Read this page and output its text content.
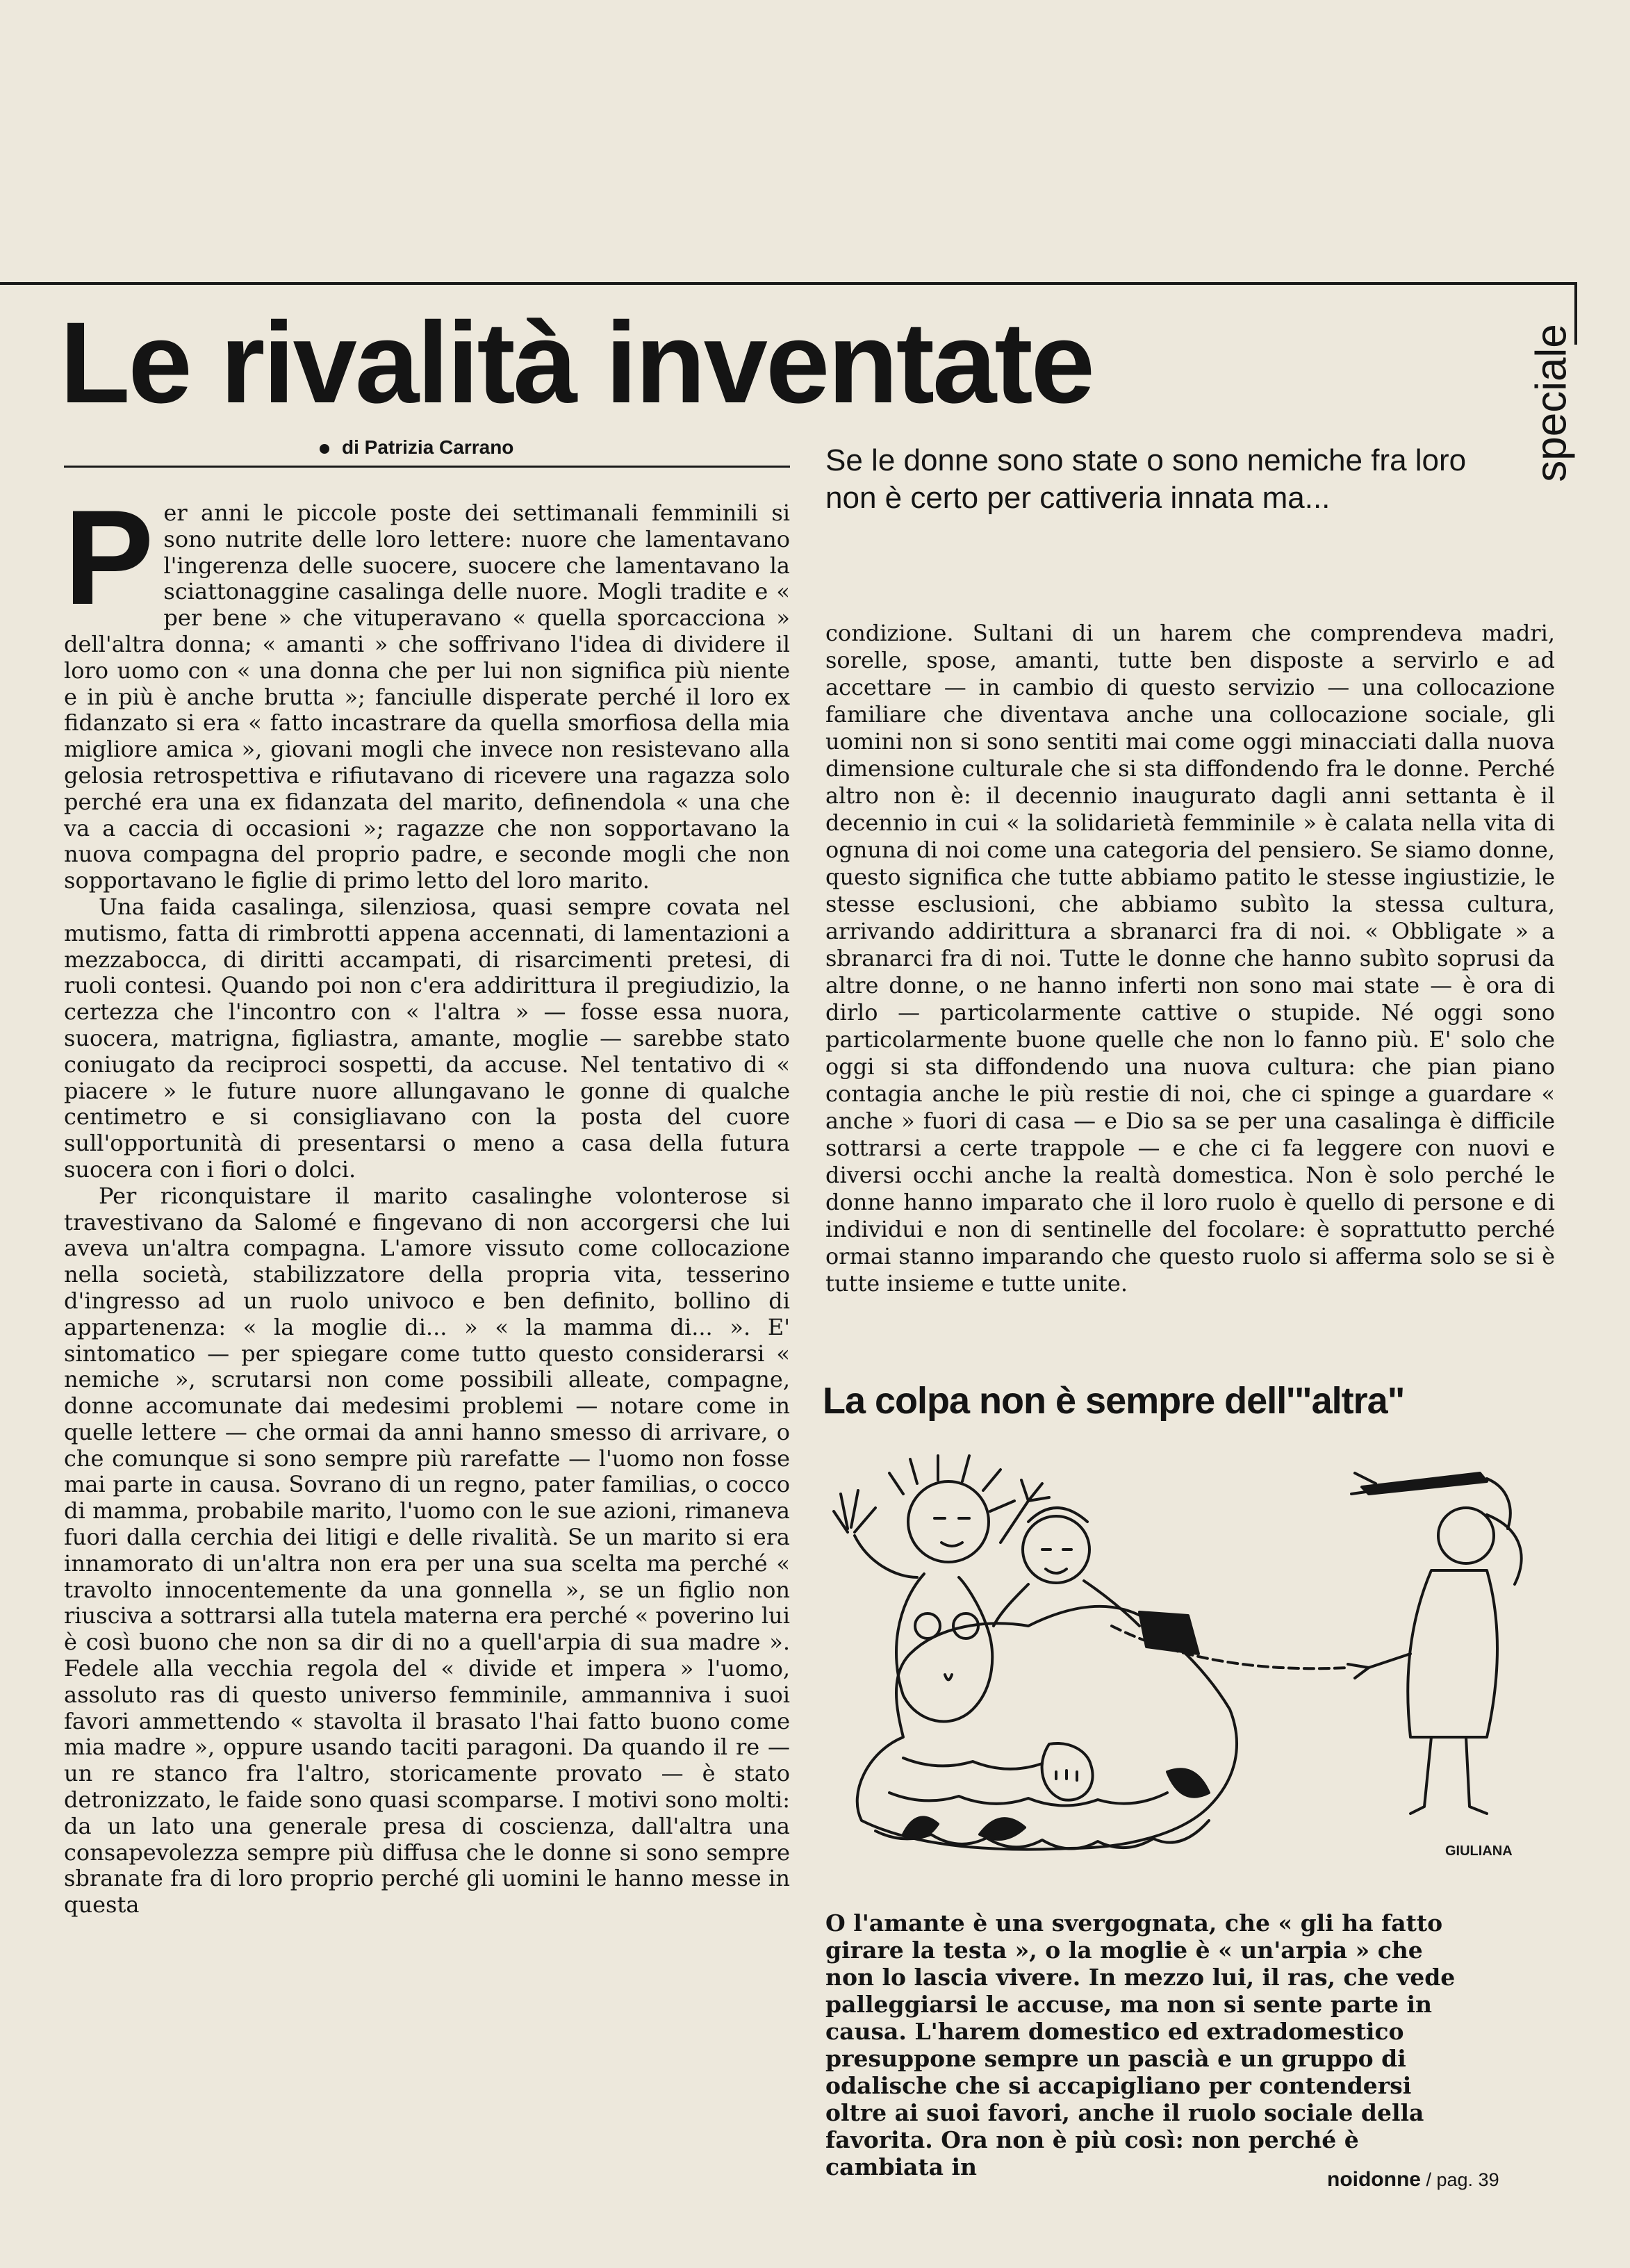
Le rivalità inventate	speciale
di Patrizia Carrano	Se le donne sono state o sono nemiche fra loro non è certo per cattiveria innata ma...

Per anni le piccole poste dei settimanali femminili si sono nutrite delle loro lettere: nuore che lamentavano l'ingerenza delle suocere, suocere che lamentavano la sciattonaggine casalinga delle nuore. Mogli tradite e « per bene » che vituperavano « quella sporcacciona » dell'altra donna; « amanti » che soffrivano l'idea di dividere il loro uomo con « una donna che per lui non significa più niente e in più è anche brutta »; fanciulle disperate perché il loro ex fidanzato si era « fatto incastrare da quella smorfiosa della mia migliore amica », giovani mogli che invece non resistevano alla gelosia retrospettiva e rifiutavano di ricevere una ragazza solo perché era una ex fidanzata del marito, definendola « una che va a caccia di occasioni »; ragazze che non sopportavano la nuova compagna del proprio padre, e seconde mogli che non sopportavano le figlie di primo letto del loro marito.

Una faida casalinga, silenziosa, quasi sempre covata nel mutismo, fatta di rimbrotti appena accennati, di lamentazioni a mezzabocca, di diritti accampati, di risarcimenti pretesi, di ruoli contesi. Quando poi non c'era addirittura il pregiudizio, la certezza che l'incontro con « l'altra » — fosse essa nuora, suocera, matrigna, figliastra, amante, moglie — sarebbe stato coniugato da reciproci sospetti, da accuse. Nel tentativo di « piacere » le future nuore allungavano le gonne di qualche centimetro e si consigliavano con la posta del cuore sull'opportunità di presentarsi o meno a casa della futura suocera con i fiori o dolci.

Per riconquistare il marito casalinghe volonterose si travestivano da Salomé e fingevano di non accorgersi che lui aveva un'altra compagna. L'amore vissuto come collocazione nella società, stabilizzatore della propria vita, tesserino d'ingresso ad un ruolo univoco e ben definito, bollino di appartenenza: « la moglie di... » « la mamma di... ». E' sintomatico — per spiegare come tutto questo considerarsi « nemiche », scrutarsi non come possibili alleate, compagne, donne accomunate dai medesimi problemi — notare come in quelle lettere — che ormai da anni hanno smesso di arrivare, o che comunque si sono sempre più rarefatte — l'uomo non fosse mai parte in causa. Sovrano di un regno, pater familias, o cocco di mamma, probabile marito, l'uomo con le sue azioni, rimaneva fuori dalla cerchia dei litigi e delle rivalità. Se un marito si era innamorato di un'altra non era per una sua scelta ma perché « travolto innocentemente da una gonnella », se un figlio non riusciva a sottrarsi alla tutela materna era perché « poverino lui è così buono che non sa dir di no a quell'arpia di sua madre ». Fedele alla vecchia regola del « divide et impera » l'uomo, assoluto ras di questo universo femminile, ammanniva i suoi favori ammettendo « stavolta il brasato l'hai fatto buono come mia madre », oppure usando taciti paragoni. Da quando il re — un re stanco fra l'altro, storicamente provato — è stato detronizzato, le faide sono quasi scomparse. I motivi sono molti: da un lato una generale presa di coscienza, dall'altra una consapevolezza sempre più diffusa che le donne si sono sempre sbranate fra di loro proprio perché gli uomini le hanno messe in questa

condizione. Sultani di un harem che comprendeva madri, sorelle, spose, amanti, tutte ben disposte a servirlo e ad accettare — in cambio di questo servizio — una collocazione familiare che diventava anche una collocazione sociale, gli uomini non si sono sentiti mai come oggi minacciati dalla nuova dimensione culturale che si sta diffondendo fra le donne. Perché altro non è: il decennio inaugurato dagli anni settanta è il decennio in cui « la solidarietà femminile » è calata nella vita di ognuna di noi come una categoria del pensiero. Se siamo donne, questo significa che tutte abbiamo patito le stesse ingiustizie, le stesse esclusioni, che abbiamo subìto la stessa cultura, arrivando addirittura a sbranarci fra di noi. « Obbligate » a sbranarci fra di noi. Tutte le donne che hanno subìto soprusi da altre donne, o ne hanno inferti non sono mai state — è ora di dirlo — particolarmente cattive o stupide. Né oggi sono particolarmente buone quelle che non lo fanno più. E' solo che oggi si sta diffondendo una nuova cultura: che pian piano contagia anche le più restie di noi, che ci spinge a guardare « anche » fuori di casa — e Dio sa se per una casalinga è difficile sottrarsi a certe trappole — e che ci fa leggere con nuovi e diversi occhi anche la realtà domestica. Non è solo perché le donne hanno imparato che il loro ruolo è quello di persone e di individui e non di sentinelle del focolare: è soprattutto perché ormai stanno imparando che questo ruolo si afferma solo se si è tutte insieme e tutte unite.

La colpa non è sempre dell'"altra"
GIULIANA
O l'amante è una svergognata, che « gli ha fatto girare la testa », o la moglie è « un'arpia » che non lo lascia vivere. In mezzo lui, il ras, che vede palleggiarsi le accuse, ma non si sente parte in causa. L'harem domestico ed extradomestico presuppone sempre un pascià e un gruppo di odalische che si accapigliano per contendersi oltre ai suoi favori, anche il ruolo sociale della favorita. Ora non è più così: non perché è cambiata in	noidonne / pag. 39
